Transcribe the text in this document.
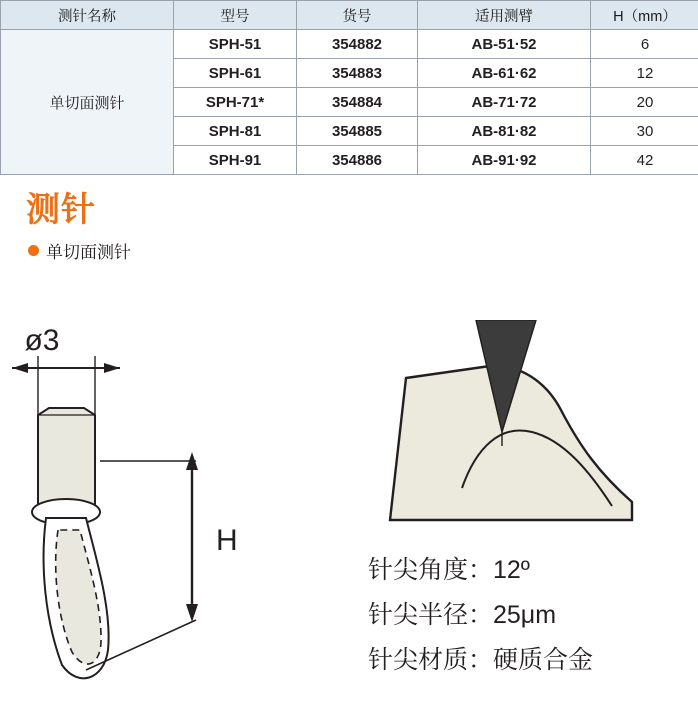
测针名称	型号	货号	适用测臂	H（mm）
单切面测针	SPH-51	354882	AB-51·52	6
	SPH-61	354883	AB-61·62	12
	SPH-71*	354884	AB-71·72	20
	SPH-81	354885	AB-81·82	30
	SPH-91	354886	AB-91·92	42
测针
单切面测针
ø3
H
针尖角度：12º
针尖半径：25μm
针尖材质：硬质合金
